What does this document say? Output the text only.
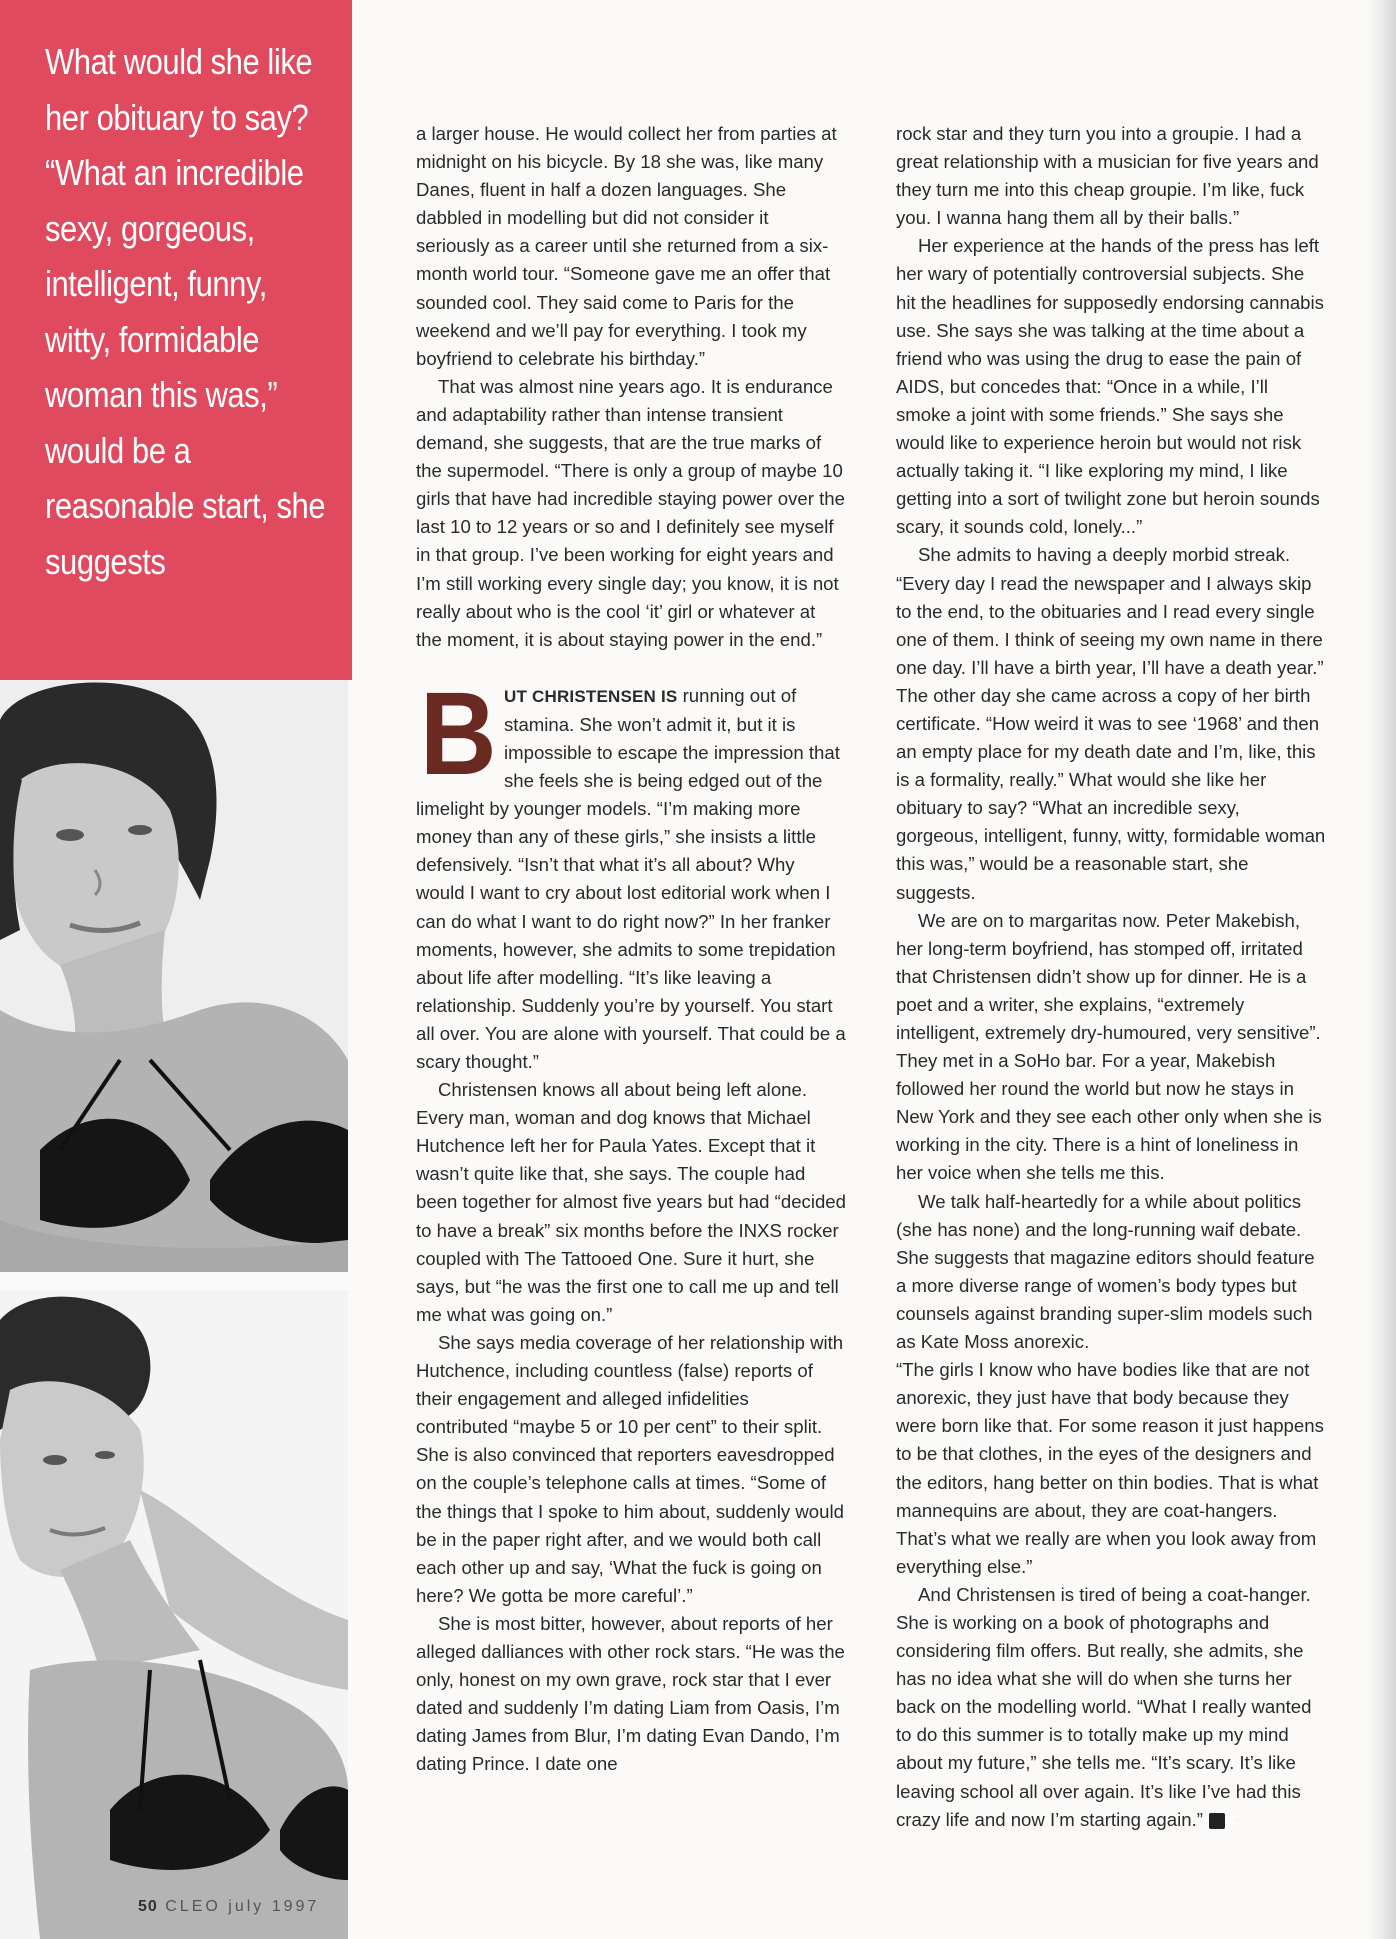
What would she like her obituary to say? “What an incredible sexy, gorgeous, intelligent, funny, witty, formidable woman this was,” would be a reasonable start, she suggests

a larger house. He would collect her from parties at midnight on his bicycle. By 18 she was, like many Danes, fluent in half a dozen languages. She dabbled in modelling but did not consider it seriously as a career until she returned from a six-month world tour. “Someone gave me an offer that sounded cool. They said come to Paris for the weekend and we’ll pay for everything. I took my boyfriend to celebrate his birthday.”

That was almost nine years ago. It is endurance and adaptability rather than intense transient demand, she suggests, that are the true marks of the supermodel. “There is only a group of maybe 10 girls that have had incredible staying power over the last 10 to 12 years or so and I definitely see myself in that group. I’ve been working for eight years and I’m still working every single day; you know, it is not really about who is the cool ‘it’ girl or whatever at the moment, it is about staying power in the end.”

BUT CHRISTENSEN IS running out of stamina. She won’t admit it, but it is impossible to escape the impression that she feels she is being edged out of the limelight by younger models. “I’m making more money than any of these girls,” she insists a little defensively. “Isn’t that what it’s all about? Why would I want to cry about lost editorial work when I can do what I want to do right now?” In her franker moments, however, she admits to some trepidation about life after modelling. “It’s like leaving a relationship. Suddenly you’re by yourself. You start all over. You are alone with yourself. That could be a scary thought.”

Christensen knows all about being left alone. Every man, woman and dog knows that Michael Hutchence left her for Paula Yates. Except that it wasn’t quite like that, she says. The couple had been together for almost five years but had “decided to have a break” six months before the INXS rocker coupled with The Tattooed One. Sure it hurt, she says, but “he was the first one to call me up and tell me what was going on.”

She says media coverage of her relationship with Hutchence, including countless (false) reports of their engagement and alleged infidelities contributed “maybe 5 or 10 per cent” to their split. She is also convinced that reporters eavesdropped on the couple’s telephone calls at times. “Some of the things that I spoke to him about, suddenly would be in the paper right after, and we would both call each other up and say, ‘What the fuck is going on here? We gotta be more careful’.”

She is most bitter, however, about reports of her alleged dalliances with other rock stars. “He was the only, honest on my own grave, rock star that I ever dated and suddenly I’m dating Liam from Oasis, I’m dating James from Blur, I’m dating Evan Dando, I’m dating Prince. I date one

rock star and they turn you into a groupie. I had a great relationship with a musician for five years and they turn me into this cheap groupie. I’m like, fuck you. I wanna hang them all by their balls.”

Her experience at the hands of the press has left her wary of potentially controversial subjects. She hit the headlines for supposedly endorsing cannabis use. She says she was talking at the time about a friend who was using the drug to ease the pain of AIDS, but concedes that: “Once in a while, I’ll smoke a joint with some friends.” She says she would like to experience heroin but would not risk actually taking it. “I like exploring my mind, I like getting into a sort of twilight zone but heroin sounds scary, it sounds cold, lonely...”

She admits to having a deeply morbid streak. “Every day I read the newspaper and I always skip to the end, to the obituaries and I read every single one of them. I think of seeing my own name in there one day. I’ll have a birth year, I’ll have a death year.” The other day she came across a copy of her birth certificate. “How weird it was to see ‘1968’ and then an empty place for my death date and I’m, like, this is a formality, really.” What would she like her obituary to say? “What an incredible sexy, gorgeous, intelligent, funny, witty, formidable woman this was,” would be a reasonable start, she suggests.

We are on to margaritas now. Peter Makebish, her long-term boyfriend, has stomped off, irritated that Christensen didn’t show up for dinner. He is a poet and a writer, she explains, “extremely intelligent, extremely dry-humoured, very sensitive”. They met in a SoHo bar. For a year, Makebish followed her round the world but now he stays in New York and they see each other only when she is working in the city. There is a hint of loneliness in her voice when she tells me this.

We talk half-heartedly for a while about politics (she has none) and the long-running waif debate. She suggests that magazine editors should feature a more diverse range of women’s body types but counsels against branding super-slim models such as Kate Moss anorexic.

“The girls I know who have bodies like that are not anorexic, they just have that body because they were born like that. For some reason it just happens to be that clothes, in the eyes of the designers and the editors, hang better on thin bodies. That is what mannequins are about, they are coat-hangers. That’s what we really are when you look away from everything else.”

And Christensen is tired of being a coat-hanger. She is working on a book of photographs and considering film offers. But really, she admits, she has no idea what she will do when she turns her back on the modelling world. “What I really wanted to do this summer is to totally make up my mind about my future,” she tells me. “It’s scary. It’s like leaving school all over again. It’s like I’ve had this crazy life and now I’m starting again.” C

50 CLEO july 1997
